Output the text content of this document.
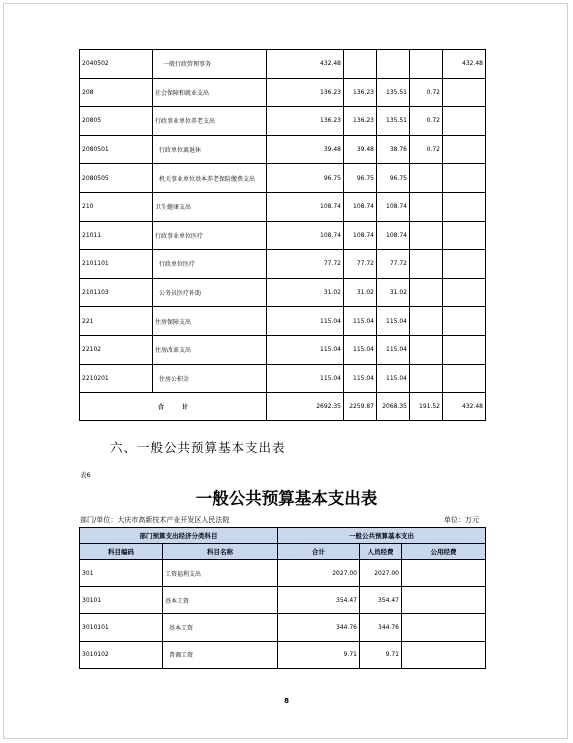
2040502	一般行政管理事务	432.48				432.48
208	社会保障和就业支出	136.23	136.23	135.51	0.72	
20805	行政事业单位养老支出	136.23	136.23	135.51	0.72	
2080501	行政单位离退休	39.48	39.48	38.76	0.72	
2080505	机关事业单位基本养老保险缴费支出	96.75	96.75	96.75		
210	卫生健康支出	108.74	108.74	108.74		
21011	行政事业单位医疗	108.74	108.74	108.74		
2101101	行政单位医疗	77.72	77.72	77.72		
2101103	公务员医疗补助	31.02	31.02	31.02		
221	住房保障支出	115.04	115.04	115.04		
22102	住房改革支出	115.04	115.04	115.04		
2210201	住房公积金	115.04	115.04	115.04		
合　　　计		2692.35	2259.87	2068.35	191.52	432.48
六、一般公共预算基本支出表
表6
一般公共预算基本支出表
部门/单位：大庆市高新技术产业开发区人民法院	单位：万元
部门预算支出经济分类科目		一般公共预算基本支出		
科目编码	科目名称	合计	人员经费	公用经费
301	工资福利支出	2027.00	2027.00	
30101	基本工资	354.47	354.47	
3010101	基本工资	344.76	344.76	
3010102	普调工资	9.71	9.71	
8
